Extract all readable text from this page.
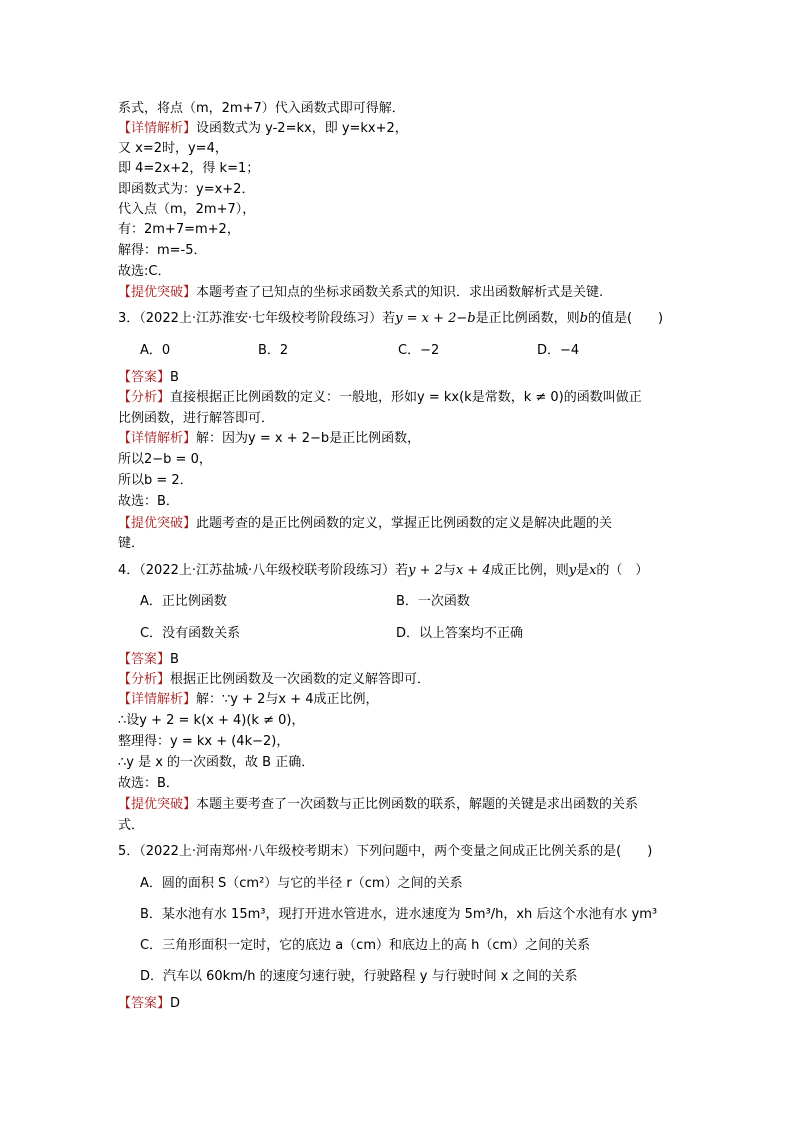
系式，将点（m，2m+7）代入函数式即可得解．
【详情解析】设函数式为 y-2=kx，即 y=kx+2，
又 x=2时，y=4，
即 4=2x+2，得 k=1；
即函数式为：y=x+2．
代入点（m，2m+7），
有：2m+7=m+2，
解得：m=-5．
故选:C．
【提优突破】本题考查了已知点的坐标求函数关系式的知识．求出函数解析式是关键.
3．（2022上·江苏淮安·七年级校考阶段练习）若y = x + 2−b是正比例函数，则b的值是(　　)
A．0	B．2	C．−2	D．−4
【答案】B
【分析】直接根据正比例函数的定义：一般地，形如y = kx(k是常数，k ≠ 0)的函数叫做正
比例函数，进行解答即可．
【详情解析】解：因为y = x + 2−b是正比例函数，
所以2−b = 0，
所以b = 2．
故选：B．
【提优突破】此题考查的是正比例函数的定义，掌握正比例函数的定义是解决此题的关
键．
4．（2022上·江苏盐城·八年级校联考阶段练习）若y + 2与x + 4成正比例，则y是x的（　）
A．正比例函数	B．一次函数
C．没有函数关系	D．以上答案均不正确
【答案】B
【分析】根据正比例函数及一次函数的定义解答即可．
【详情解析】解：∵y + 2与x + 4成正比例，
∴设y + 2 = k(x + 4)(k ≠ 0)，
整理得：y = kx + (4k−2)，
∴y 是 x 的一次函数，故 B 正确．
故选：B．
【提优突破】本题主要考查了一次函数与正比例函数的联系，解题的关键是求出函数的关系
式．
5．（2022上·河南郑州·八年级校考期末）下列问题中，两个变量之间成正比例关系的是(　　)
A．圆的面积 S（cm²）与它的半径 r（cm）之间的关系
B．某水池有水 15m³，现打开进水管进水，进水速度为 5m³/h，xh 后这个水池有水 ym³
C．三角形面积一定时，它的底边 a（cm）和底边上的高 h（cm）之间的关系
D．汽车以 60km/h 的速度匀速行驶，行驶路程 y 与行驶时间 x 之间的关系
【答案】D
